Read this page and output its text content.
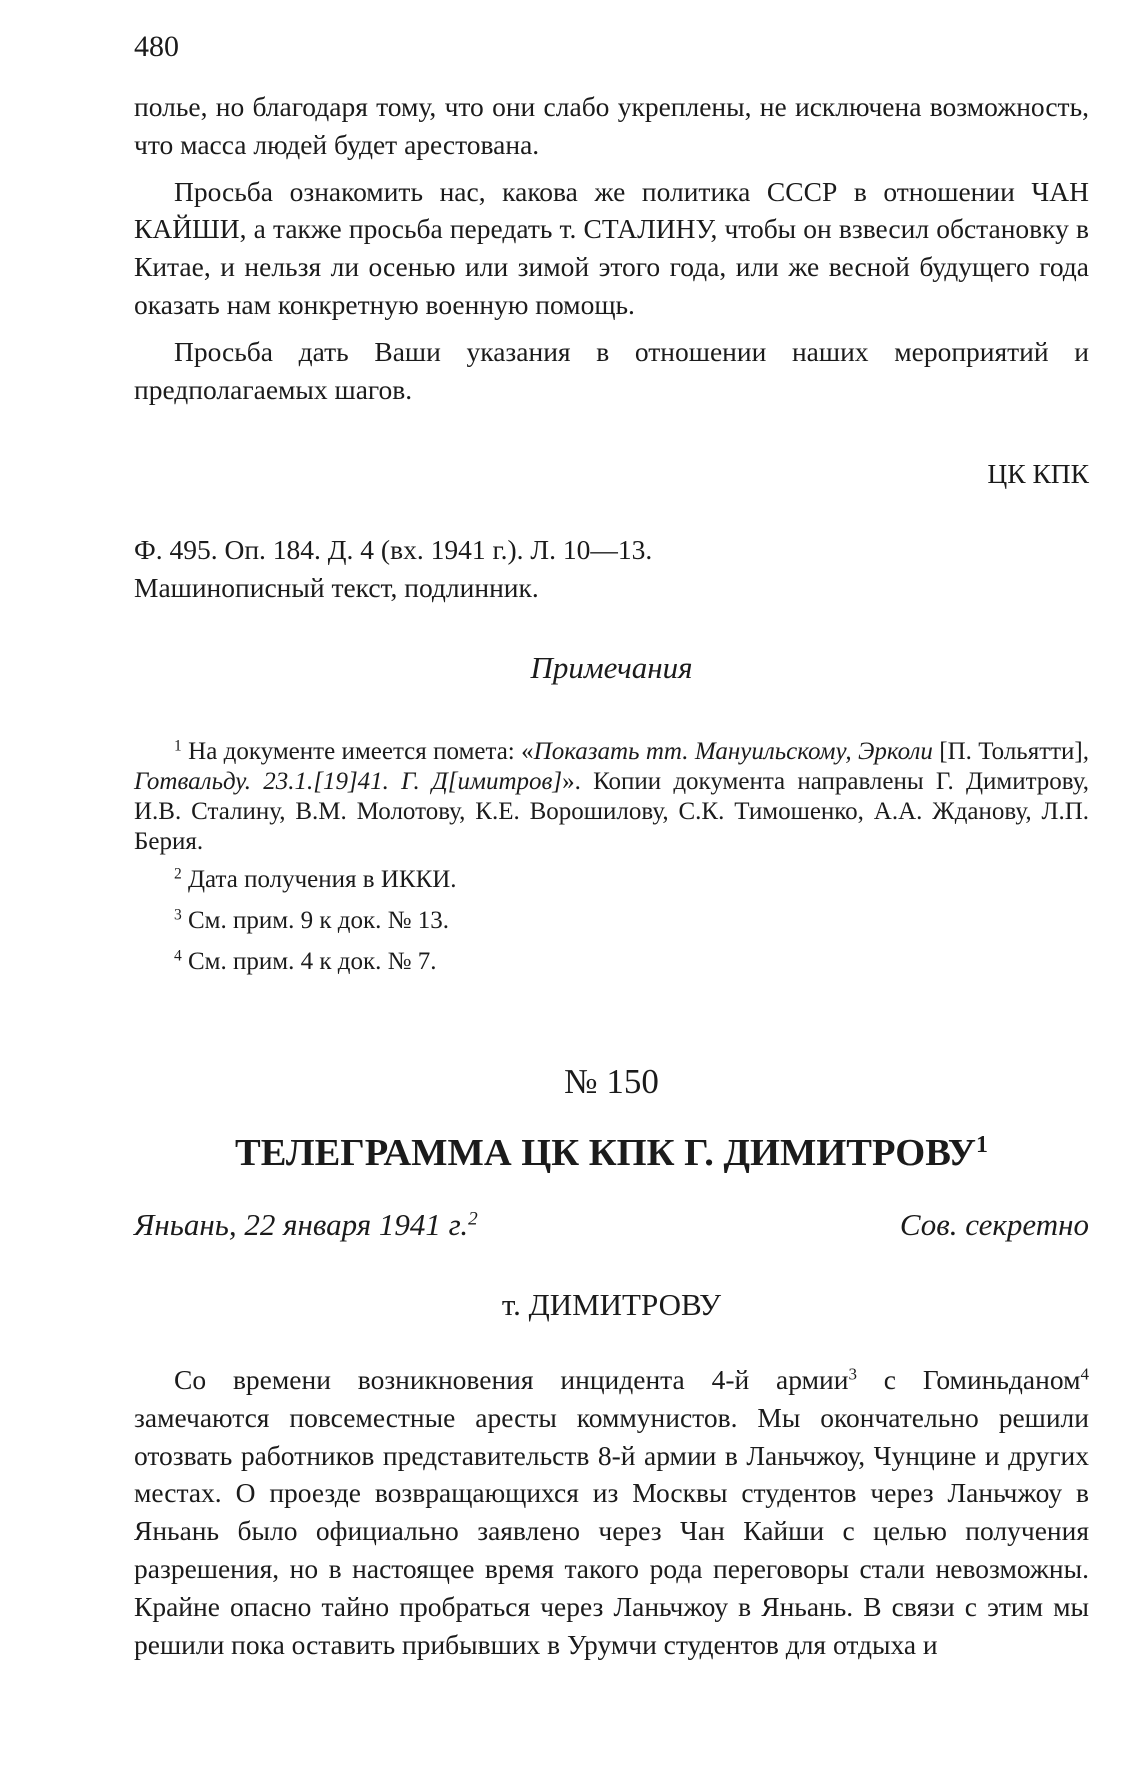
480

полье, но благодаря тому, что они слабо укреплены, не исключена возможность, что масса людей будет арестована.

Просьба ознакомить нас, какова же политика СССР в отношении ЧАН КАЙШИ, а также просьба передать т. СТАЛИНУ, чтобы он взвесил обстановку в Китае, и нельзя ли осенью или зимой этого года, или же весной будущего года оказать нам конкретную военную помощь.

Просьба дать Ваши указания в отношении наших мероприятий и предполагаемых шагов.

ЦК КПК

Ф. 495. Оп. 184. Д. 4 (вх. 1941 г.). Л. 10—13.

Машинописный текст, подлинник.

Примечания

$^1$ На документе имеется помета: «Показать тт. Мануильскому, Эрколи [П. Тольятти], Готвальду. 23.1.[19]41. Г. Д[имитров]». Копии документа направлены Г. Димитрову, И.В. Сталину, В.М. Молотову, К.Е. Ворошилову, С.К. Тимошенко, А.А. Жданову, Л.П. Берия.

$^2$ Дата получения в ИККИ.

$^3$ См. прим. 9 к док. № 13.

$^4$ См. прим. 4 к док. № 7.

№ 150
ТЕЛЕГРАММА ЦК КПК Г. ДИМИТРОВУ$^1$
Яньань, 22 января 1941 г.$^2$	Сов. секретно
т. ДИМИТРОВУ

Со времени возникновения инцидента 4-й армии$^3$ с Гоминьданом$^4$ замечаются повсеместные аресты коммунистов. Мы окончательно решили отозвать работников представительств 8-й армии в Ланьчжоу, Чунцине и других местах. О проезде возвращающихся из Москвы студентов через Ланьчжоу в Яньань было официально заявлено через Чан Кайши с целью получения разрешения, но в настоящее время такого рода переговоры стали невозможны. Крайне опасно тайно пробраться через Ланьчжоу в Яньань. В связи с этим мы решили пока оставить прибывших в Урумчи студентов для отдыха и
